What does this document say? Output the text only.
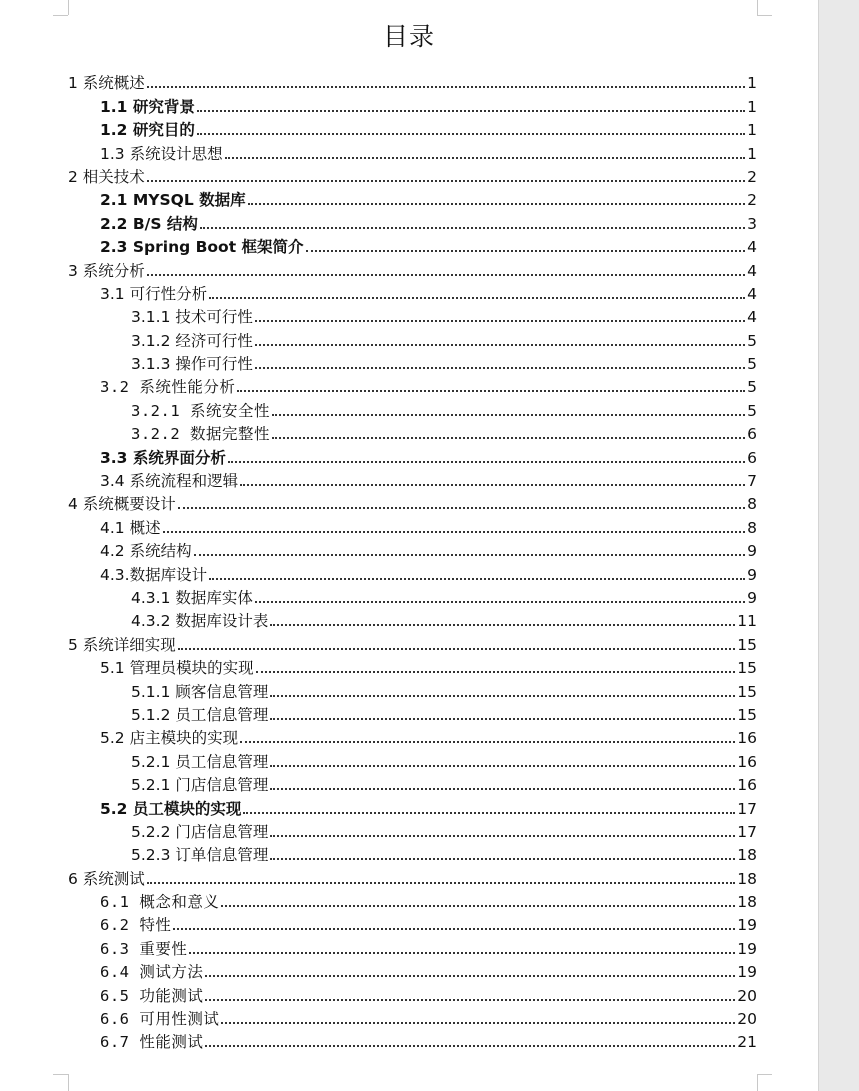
目录
1 系统概述	1
1.1 研究背景	1
1.2 研究目的	1
1.3 系统设计思想	1
2 相关技术	2
2.1 MYSQL 数据库	2
2.2 B/S 结构	3
2.3 Spring Boot 框架简介	4
3 系统分析	4
3.1 可行性分析	4
3.1.1 技术可行性	4
3.1.2 经济可行性	5
3.1.3 操作可行性	5
3.2 系统性能分析	5
3.2.1 系统安全性	5
3.2.2 数据完整性	6
3.3 系统界面分析	6
3.4 系统流程和逻辑	7
4 系统概要设计	8
4.1 概述	8
4.2 系统结构	9
4.3.数据库设计	9
4.3.1 数据库实体	9
4.3.2 数据库设计表	11
5 系统详细实现	15
5.1 管理员模块的实现	15
5.1.1 顾客信息管理	15
5.1.2 员工信息管理	15
5.2 店主模块的实现	16
5.2.1 员工信息管理	16
5.2.1 门店信息管理	16
5.2 员工模块的实现	17
5.2.2 门店信息管理	17
5.2.3 订单信息管理	18
6 系统测试	18
6.1 概念和意义	18
6.2 特性	19
6.3 重要性	19
6.4 测试方法	19
6.5 功能测试	20
6.6 可用性测试	20
6.7 性能测试	21
